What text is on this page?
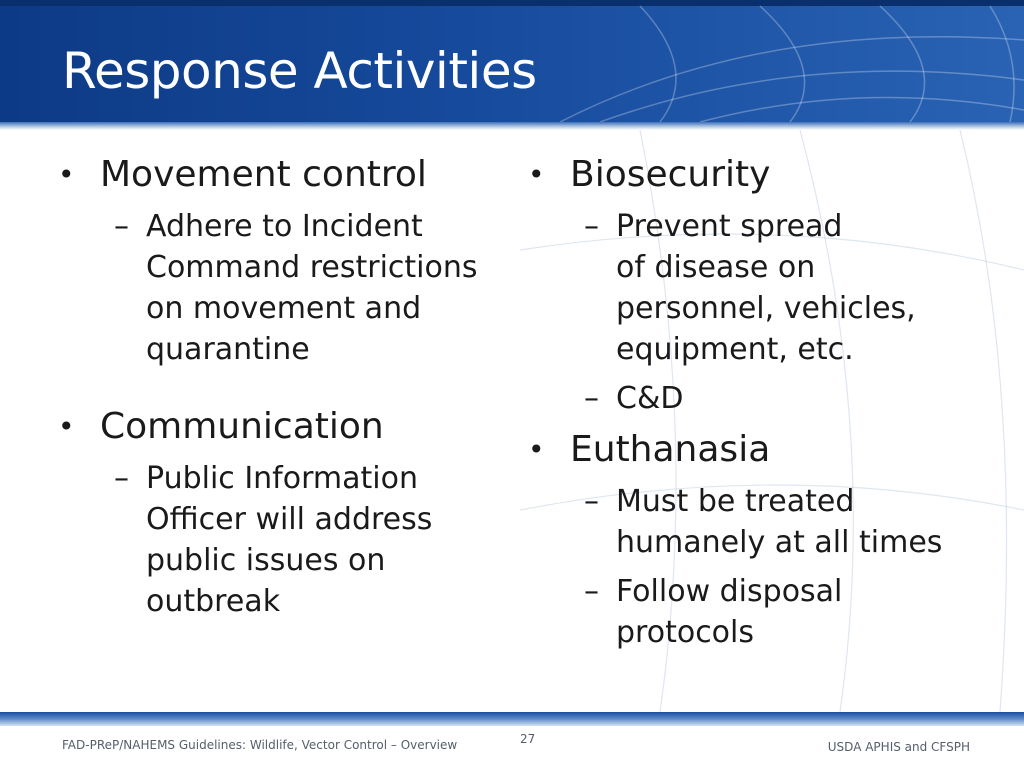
Response Activities

• Movement control

– Adhere to Incident
Command restrictions
on movement and
quarantine

• Communication

– Public Information
Officer will address
public issues on
outbreak

• Biosecurity

– Prevent spread
of disease on
personnel, vehicles,
equipment, etc.
– C&D

• Euthanasia

– Must be treated
humanely at all times
– Follow disposal
protocols
FAD-PReP/NAHEMS Guidelines: Wildlife, Vector Control – Overview	27
USDA APHIS and CFSPH
